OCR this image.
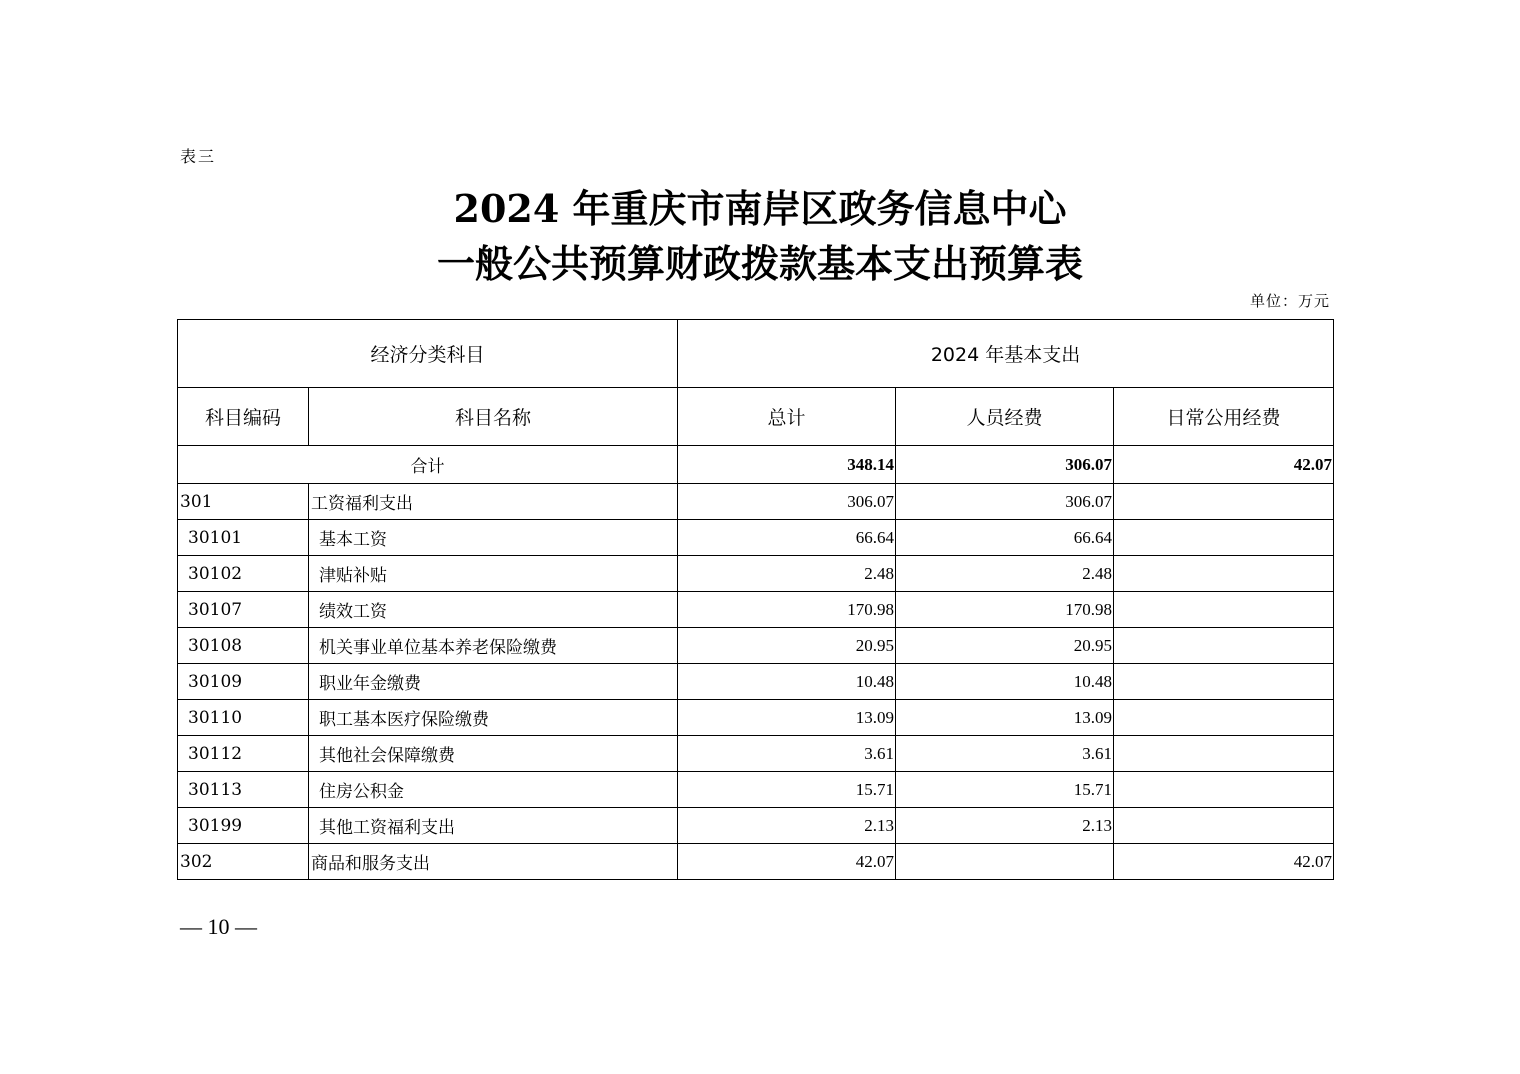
表三
2024 年重庆市南岸区政务信息中心
一般公共预算财政拨款基本支出预算表
单位：万元
经济分类科目		2024 年基本支出		
科目编码	科目名称	总计	人员经费	日常公用经费
合计		348.14	306.07	42.07
301	工资福利支出	306.07	306.07	
30101	基本工资	66.64	66.64	
30102	津贴补贴	2.48	2.48	
30107	绩效工资	170.98	170.98	
30108	机关事业单位基本养老保险缴费	20.95	20.95	
30109	职业年金缴费	10.48	10.48	
30110	职工基本医疗保险缴费	13.09	13.09	
30112	其他社会保障缴费	3.61	3.61	
30113	住房公积金	15.71	15.71	
30199	其他工资福利支出	2.13	2.13	
302	商品和服务支出	42.07		42.07
— 10 —
